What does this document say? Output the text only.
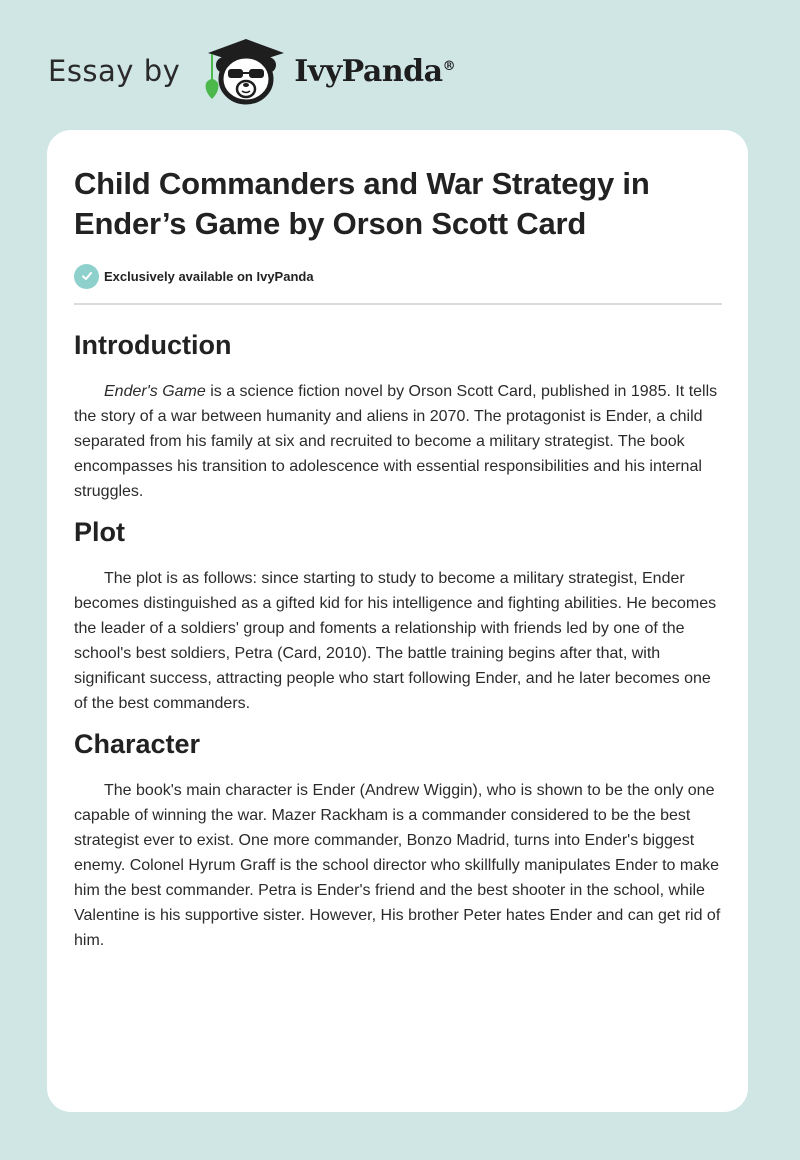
Essay by	IvyPanda®
Child Commanders and War Strategy in Ender’s Game by Orson Scott Card
Exclusively available on IvyPanda
Introduction

Ender's Game is a science fiction novel by Orson Scott Card, published in 1985. It tells the story of a war between humanity and aliens in 2070. The protagonist is Ender, a child separated from his family at six and recruited to become a military strategist. The book encompasses his transition to adolescence with essential responsibilities and his internal struggles.

Plot

The plot is as follows: since starting to study to become a military strategist, Ender becomes distinguished as a gifted kid for his intelligence and fighting abilities. He becomes the leader of a soldiers' group and foments a relationship with friends led by one of the school's best soldiers, Petra (Card, 2010). The battle training begins after that, with significant success, attracting people who start following Ender, and he later becomes one of the best commanders.

Character

The book's main character is Ender (Andrew Wiggin), who is shown to be the only one capable of winning the war. Mazer Rackham is a commander considered to be the best strategist ever to exist. One more commander, Bonzo Madrid, turns into Ender's biggest enemy. Colonel Hyrum Graff is the school director who skillfully manipulates Ender to make him the best commander. Petra is Ender's friend and the best shooter in the school, while Valentine is his supportive sister. However, His brother Peter hates Ender and can get rid of him.
